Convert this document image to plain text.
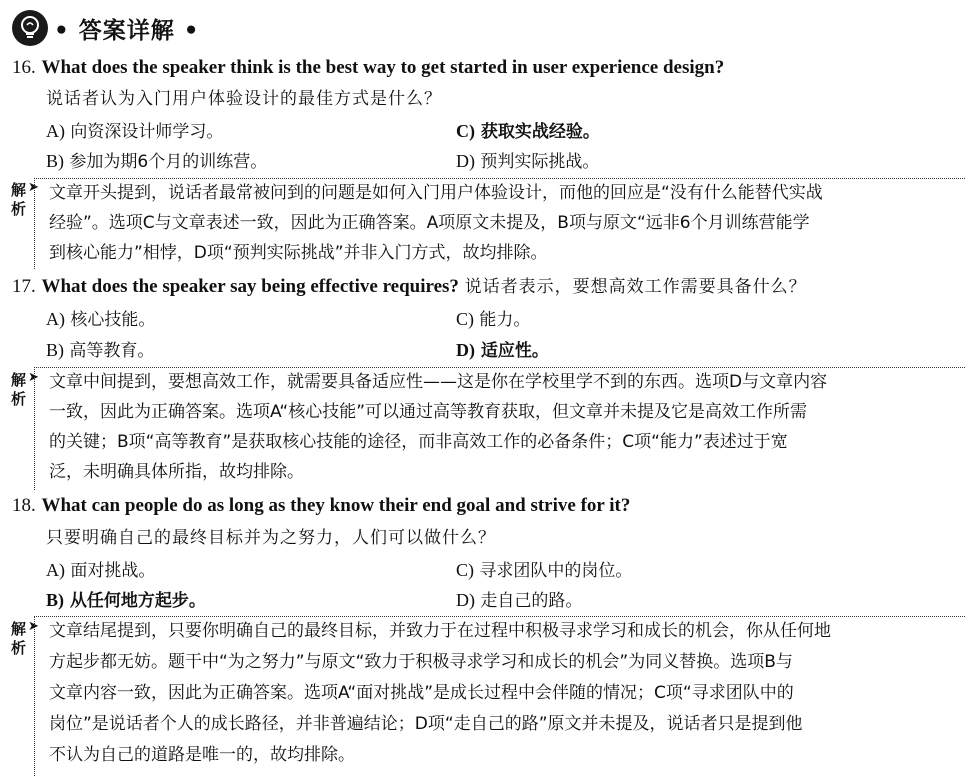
• 答案详解 •
16. What does the speaker think is the best way to get started in user experience design?
说话者认为入门用户体验设计的最佳方式是什么？
A) 向资深设计师学习。	C) 获取实战经验。
B) 参加为期6个月的训练营。	D) 预判实际挑战。
解析
➤ 文章开头提到，说话者最常被问到的问题是如何入门用户体验设计，而他的回应是“没有什么能替代实战
经验”。选项C与文章表述一致，因此为正确答案。A项原文未提及，B项与原文“远非6个月训练营能学
到核心能力”相悖，D项“预判实际挑战”并非入门方式，故均排除。
17. What does the speaker say being effective requires? 说话者表示，要想高效工作需要具备什么？
A) 核心技能。	C) 能力。
B) 高等教育。	D) 适应性。
解析
➤ 文章中间提到，要想高效工作，就需要具备适应性——这是你在学校里学不到的东西。选项D与文章内容
一致，因此为正确答案。选项A“核心技能”可以通过高等教育获取，但文章并未提及它是高效工作所需
的关键；B项“高等教育”是获取核心技能的途径，而非高效工作的必备条件；C项“能力”表述过于宽
泛，未明确具体所指，故均排除。
18. What can people do as long as they know their end goal and strive for it?
只要明确自己的最终目标并为之努力，人们可以做什么？
A) 面对挑战。	C) 寻求团队中的岗位。
B) 从任何地方起步。	D) 走自己的路。
解析
➤ 文章结尾提到，只要你明确自己的最终目标，并致力于在过程中积极寻求学习和成长的机会，你从任何地
方起步都无妨。题干中“为之努力”与原文“致力于积极寻求学习和成长的机会”为同义替换。选项B与
文章内容一致，因此为正确答案。选项A“面对挑战”是成长过程中会伴随的情况；C项“寻求团队中的
岗位”是说话者个人的成长路径，并非普遍结论；D项“走自己的路”原文并未提及，说话者只是提到他
不认为自己的道路是唯一的，故均排除。
